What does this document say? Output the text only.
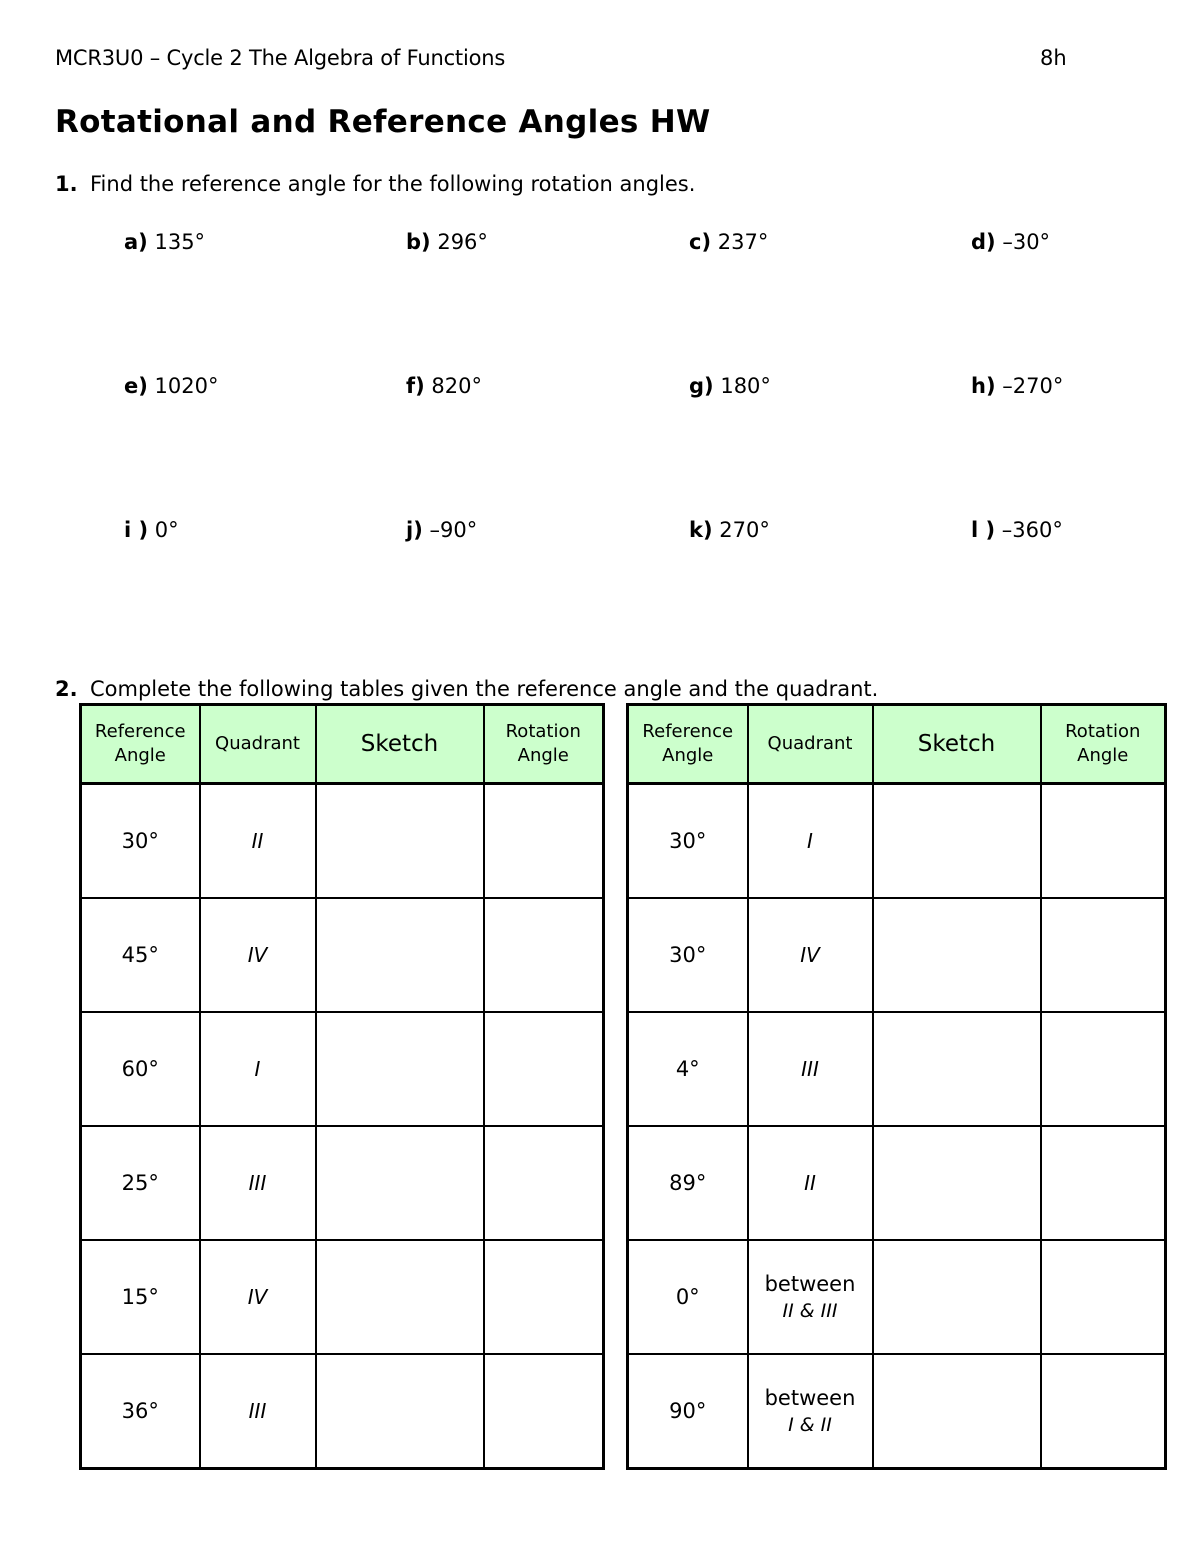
MCR3U0 – Cycle 2 The Algebra of Functions	8h
Rotational and Reference Angles HW
1. Find the reference angle for the following rotation angles.
a) 135°	b) 296°	c) 237°	d) –30°
e) 1020°	f) 820°	g) 180°	h) –270°
i ) 0°	j) –90°	k) 270°	l ) –360°
2. Complete the following tables given the reference angle and the quadrant.
Reference
Angle	Quadrant	Sketch	Rotation
Angle
30°	II		
45°	IV		
60°	I		
25°	III		
15°	IV		
36°	III		
Reference
Angle	Quadrant	Sketch	Rotation
Angle
30°	I		
30°	IV		
4°	III		
89°	II		
0°	between
II & III		

90°	between
I & II		
